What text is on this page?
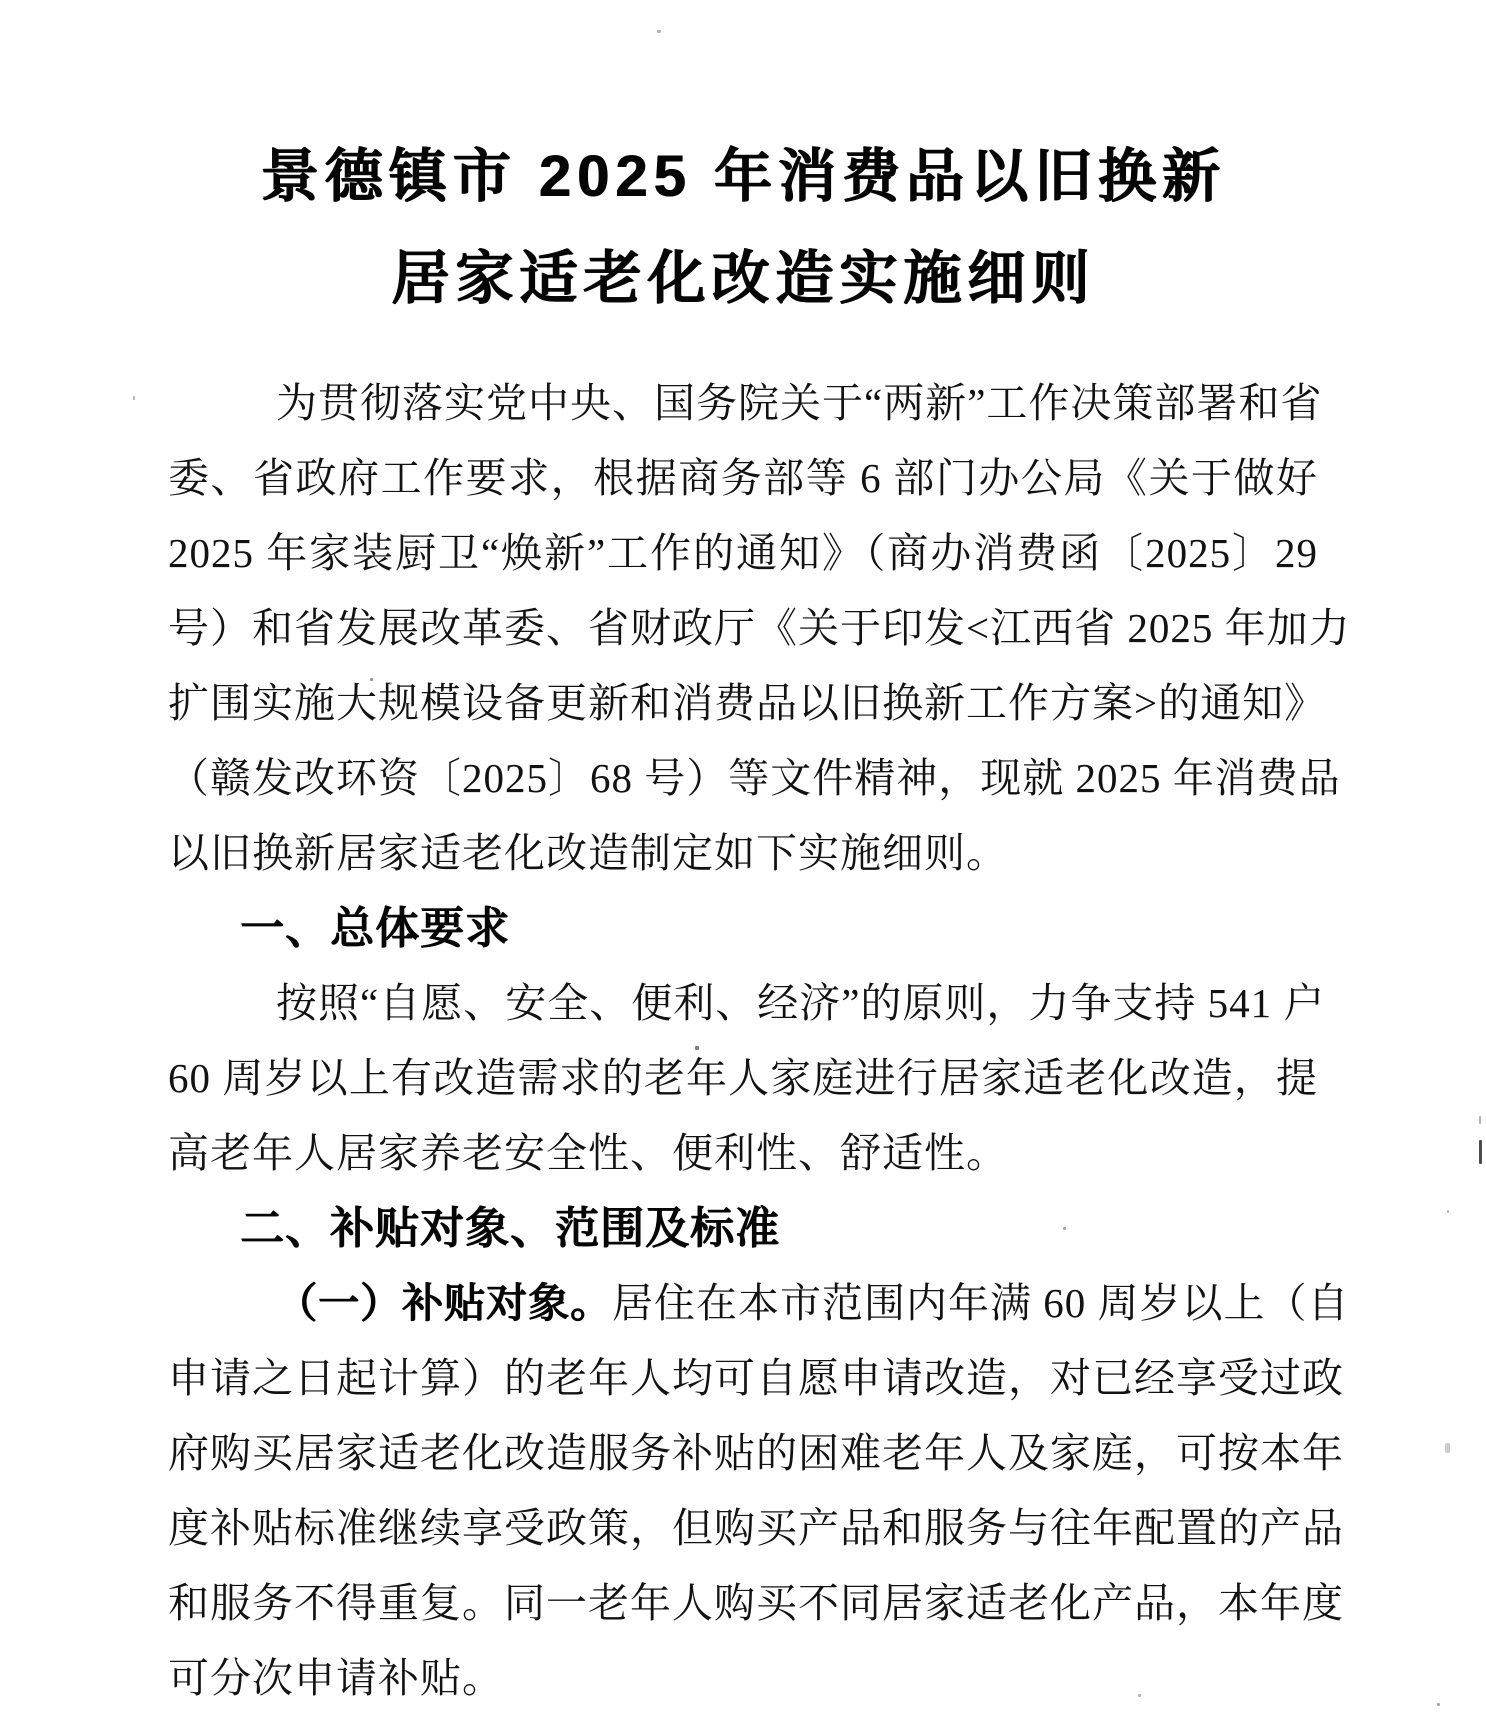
景德镇市 2025 年消费品以旧换新
居家适老化改造实施细则
为贯彻落实党中央、国务院关于“两新”工作决策部署和省
委、省政府工作要求，根据商务部等 6 部门办公局《关于做好
2025 年家装厨卫“焕新”工作的通知》（商办消费函〔2025〕29
号）和省发展改革委、省财政厅《关于印发<江西省 2025 年加力
扩围实施大规模设备更新和消费品以旧换新工作方案>的通知》
（赣发改环资〔2025〕68 号）等文件精神，现就 2025 年消费品
以旧换新居家适老化改造制定如下实施细则。
一、总体要求
按照“自愿、安全、便利、经济”的原则，力争支持 541 户
60 周岁以上有改造需求的老年人家庭进行居家适老化改造，提
高老年人居家养老安全性、便利性、舒适性。
二、补贴对象、范围及标准
（一）补贴对象。居住在本市范围内年满 60 周岁以上（自
申请之日起计算）的老年人均可自愿申请改造，对已经享受过政
府购买居家适老化改造服务补贴的困难老年人及家庭，可按本年
度补贴标准继续享受政策，但购买产品和服务与往年配置的产品
和服务不得重复。同一老年人购买不同居家适老化产品，本年度
可分次申请补贴。
